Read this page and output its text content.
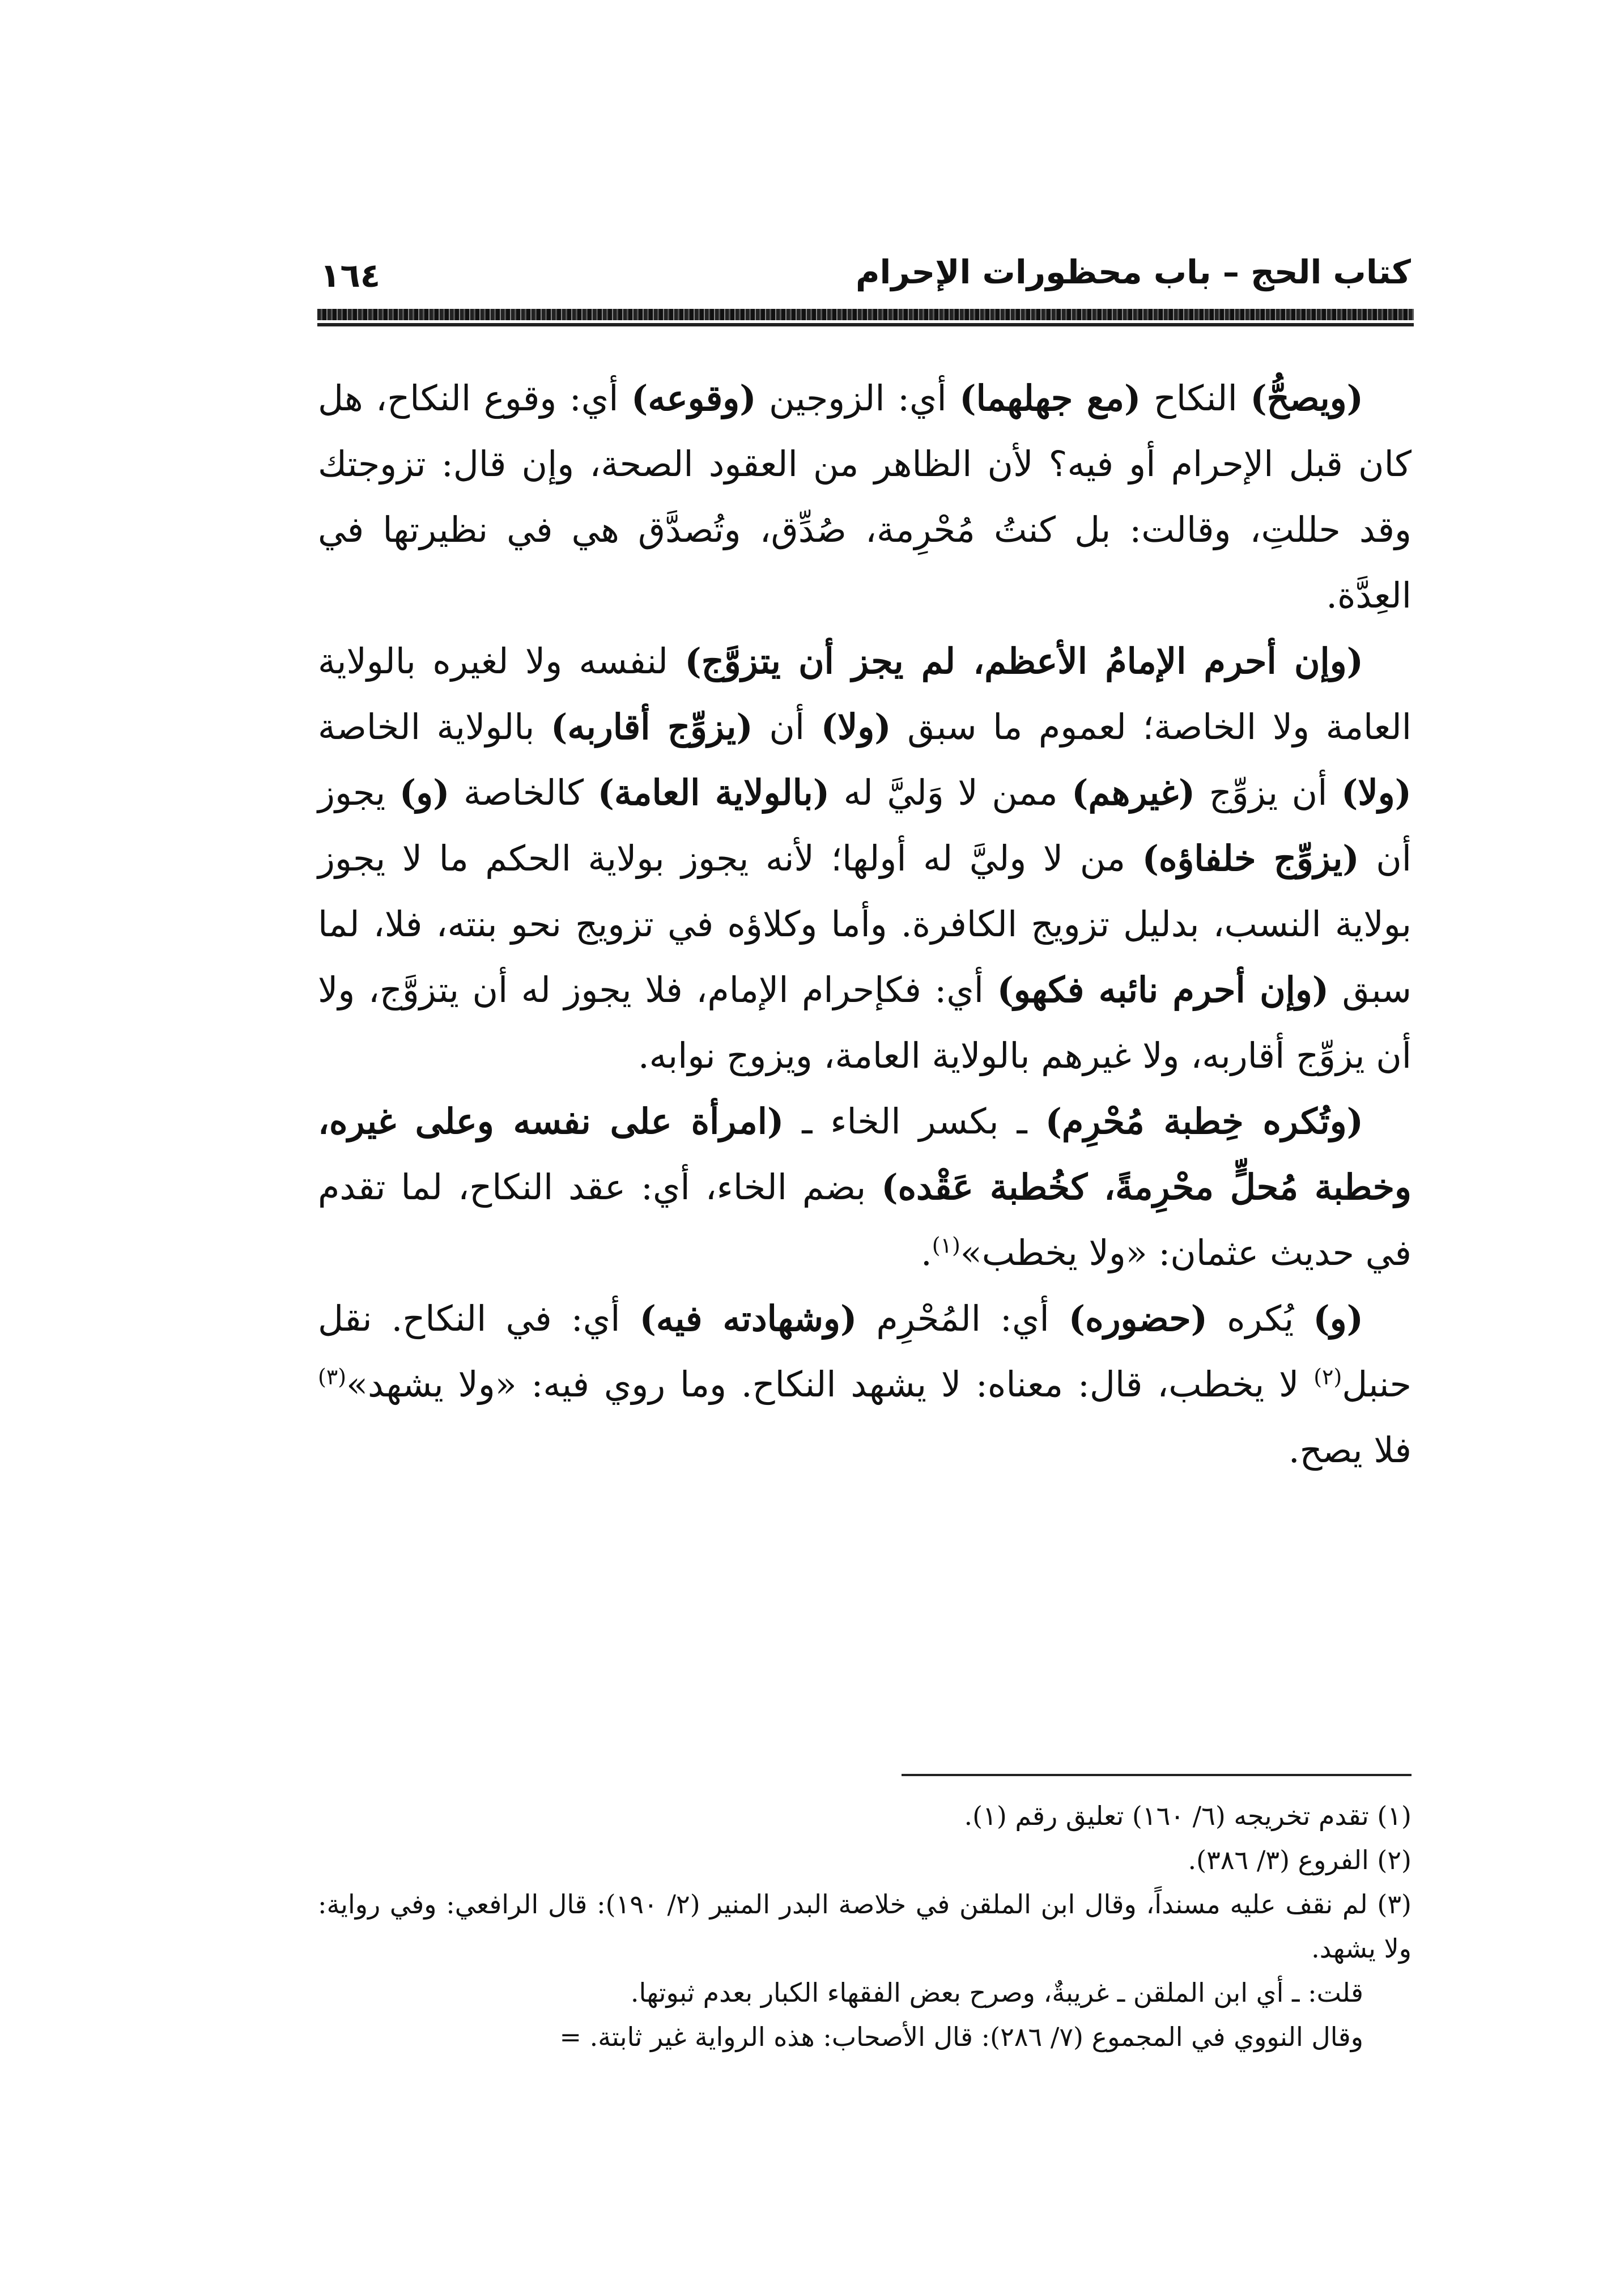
كتاب الحج – باب محظورات الإحرام
١٦٤

(ويصحُّ) النكاح (مع جهلهما) أي: الزوجين (وقوعه) أي: وقوع النكاح، هل كان قبل الإحرام أو فيه؟ لأن الظاهر من العقود الصحة، وإن قال: تزوجتك وقد حللتِ، وقالت: بل كنتُ مُحْرِمة، صُدِّق، وتُصدَّق هي في نظيرتها في العِدَّة.

(وإن أحرم الإمامُ الأعظم، لم يجز أن يتزوَّج) لنفسه ولا لغيره بالولاية العامة ولا الخاصة؛ لعموم ما سبق (ولا) أن (يزوِّج أقاربه) بالولاية الخاصة (ولا) أن يزوِّج (غيرهم) ممن لا وَليَّ له (بالولاية العامة) كالخاصة (و) يجوز أن (يزوِّج خلفاؤه) من لا وليَّ له أولها؛ لأنه يجوز بولاية الحكم ما لا يجوز بولاية النسب، بدليل تزويج الكافرة. وأما وكلاؤه في تزويج نحو بنته، فلا، لما سبق (وإن أحرم نائبه فكهو) أي: فكإحرام الإمام، فلا يجوز له أن يتزوَّج، ولا أن يزوِّج أقاربه، ولا غيرهم بالولاية العامة، ويزوج نوابه.

(وتُكره خِطبة مُحْرِم) ـ بكسر الخاء ـ (امرأة على نفسه وعلى غيره، وخطبة مُحلٍّ محْرِمةً، كخُطبة عَقْده) بضم الخاء، أي: عقد النكاح، لما تقدم في حديث عثمان: «ولا يخطب»$^{(١)}$.

(و) يُكره (حضوره) أي: المُحْرِم (وشهادته فيه) أي: في النكاح. نقل حنبل$^{(٢)}$ لا يخطب، قال: معناه: لا يشهد النكاح. وما روي فيه: «ولا يشهد»$^{(٣)}$ فلا يصح.

(١) تقدم تخريجه (٦/ ١٦٠) تعليق رقم (١).

(٢) الفروع (٣/ ٣٨٦).

(٣) لم نقف عليه مسنداً، وقال ابن الملقن في خلاصة البدر المنير (٢/ ١٩٠): قال الرافعي: وفي رواية: ولا يشهد.

قلت: ـ أي ابن الملقن ـ غريبةٌ، وصرح بعض الفقهاء الكبار بعدم ثبوتها.

وقال النووي في المجموع (٧/ ٢٨٦): قال الأصحاب: هذه الرواية غير ثابتة. =
